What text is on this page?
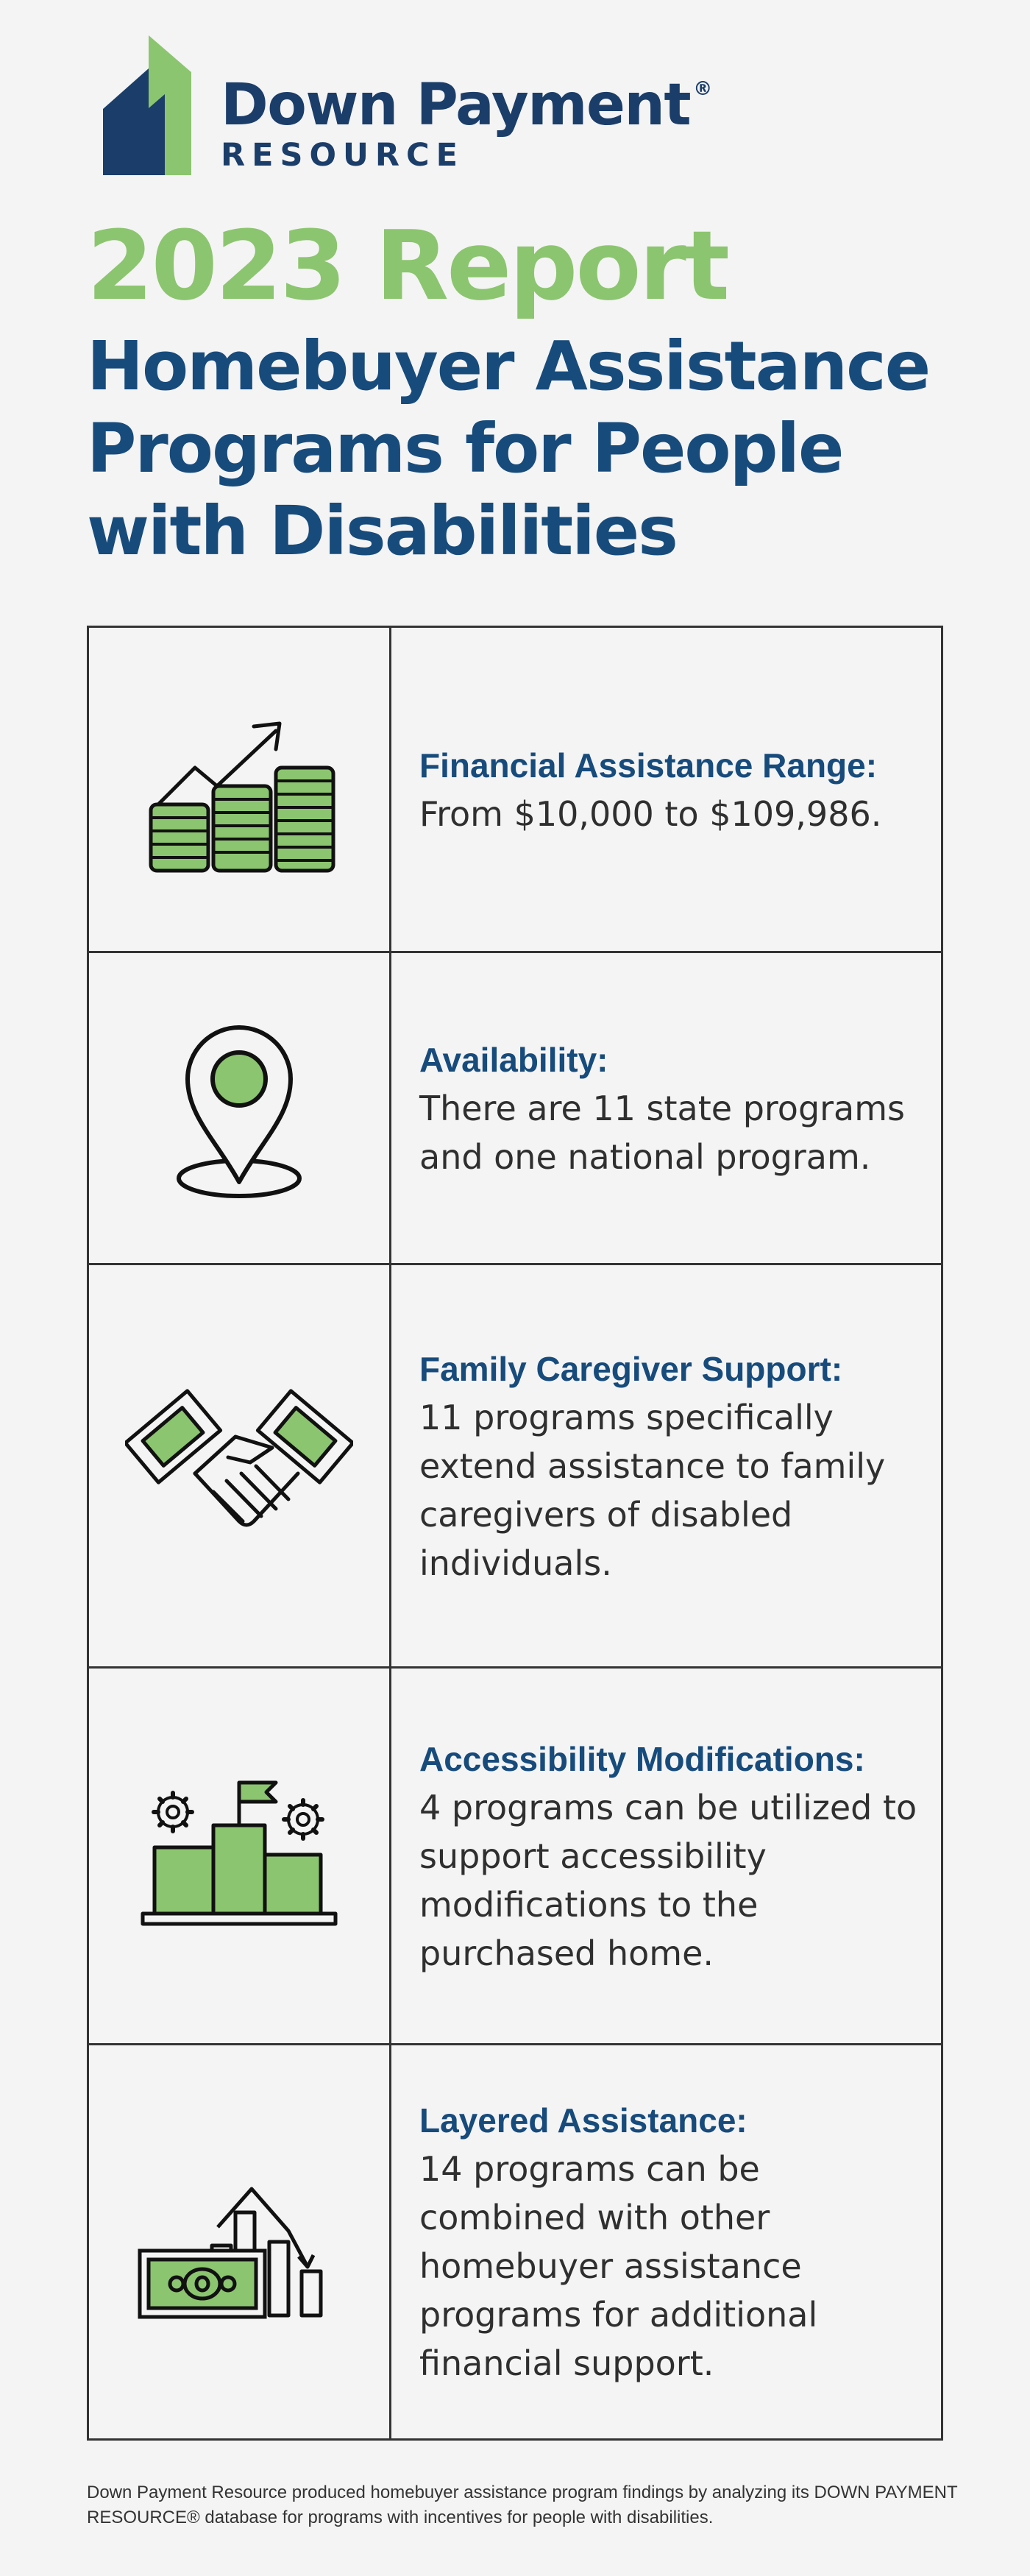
Down Payment ®
RESOURCE
2023 Report
Homebuyer Assistance Programs for People with Disabilities
Financial Assistance Range:
From $10,000 to $109,986.
Availability:
There are 11 state programs and one national program.
Family Caregiver Support:
11 programs specifically extend assistance to family caregivers of disabled individuals.
Accessibility Modifications:
4 programs can be utilized to support accessibility modifications to the purchased home.
Layered Assistance:
14 programs can be combined with other homebuyer assistance programs for additional financial support.
Down Payment Resource produced homebuyer assistance program findings by analyzing its DOWN PAYMENT RESOURCE® database for programs with incentives for people with disabilities.
